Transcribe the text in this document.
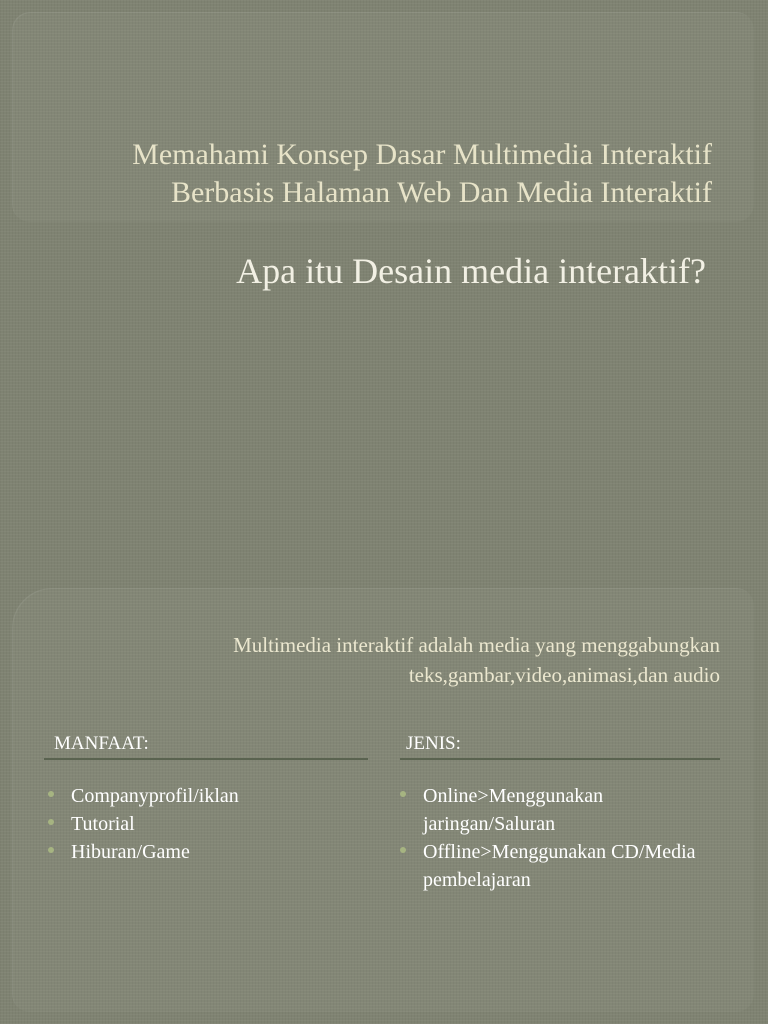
Memahami Konsep Dasar Multimedia Interaktif Berbasis Halaman Web Dan Media Interaktif
Apa itu Desain media interaktif?
Multimedia interaktif adalah media yang menggabungkan teks,gambar,video,animasi,dan audio
MANFAAT:
Companyprofil/iklan
Tutorial
Hiburan/Game
JENIS:
Online>Menggunakan jaringan/Saluran
Offline>Menggunakan CD/Media pembelajaran
